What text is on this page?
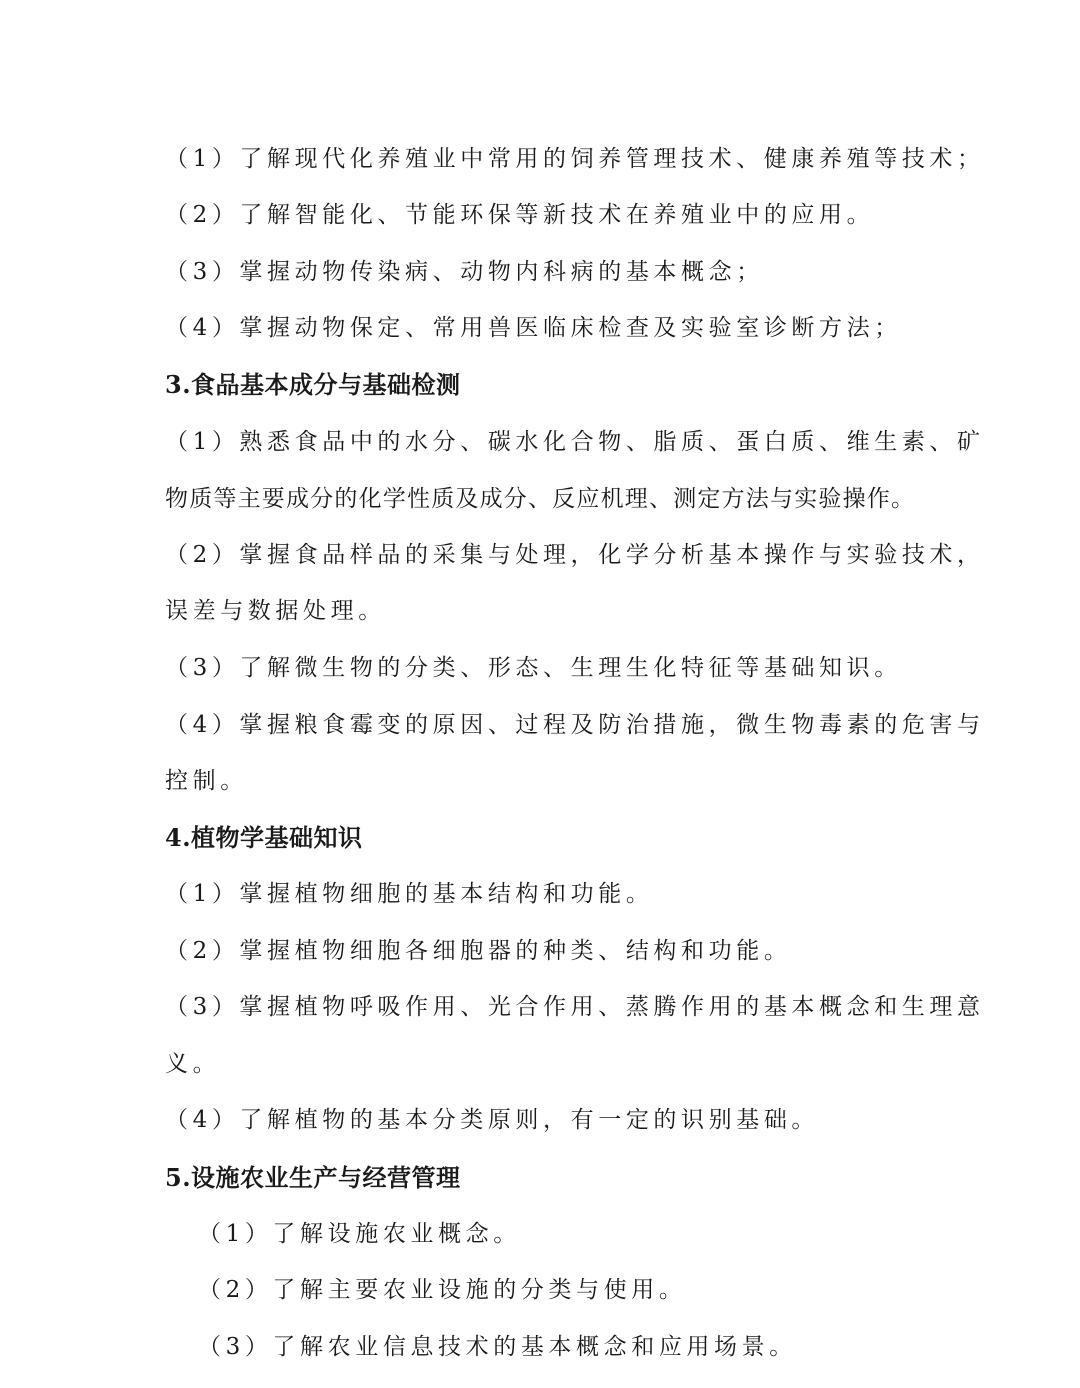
（1）了解现代化养殖业中常用的饲养管理技术、健康养殖等技术；
（2）了解智能化、节能环保等新技术在养殖业中的应用。
（3）掌握动物传染病、动物内科病的基本概念；
（4）掌握动物保定、常用兽医临床检查及实验室诊断方法；
3.食品基本成分与基础检测
（1）熟悉食品中的水分、碳水化合物、脂质、蛋白质、维生素、矿
物质等主要成分的化学性质及成分、反应机理、测定方法与实验操作。
（2）掌握食品样品的采集与处理，化学分析基本操作与实验技术，
误差与数据处理。
（3）了解微生物的分类、形态、生理生化特征等基础知识。
（4）掌握粮食霉变的原因、过程及防治措施，微生物毒素的危害与
控制。
4.植物学基础知识
（1）掌握植物细胞的基本结构和功能。
（2）掌握植物细胞各细胞器的种类、结构和功能。
（3）掌握植物呼吸作用、光合作用、蒸腾作用的基本概念和生理意
义。
（4）了解植物的基本分类原则，有一定的识别基础。
5.设施农业生产与经营管理
（1）了解设施农业概念。
（2）了解主要农业设施的分类与使用。
（3）了解农业信息技术的基本概念和应用场景。
